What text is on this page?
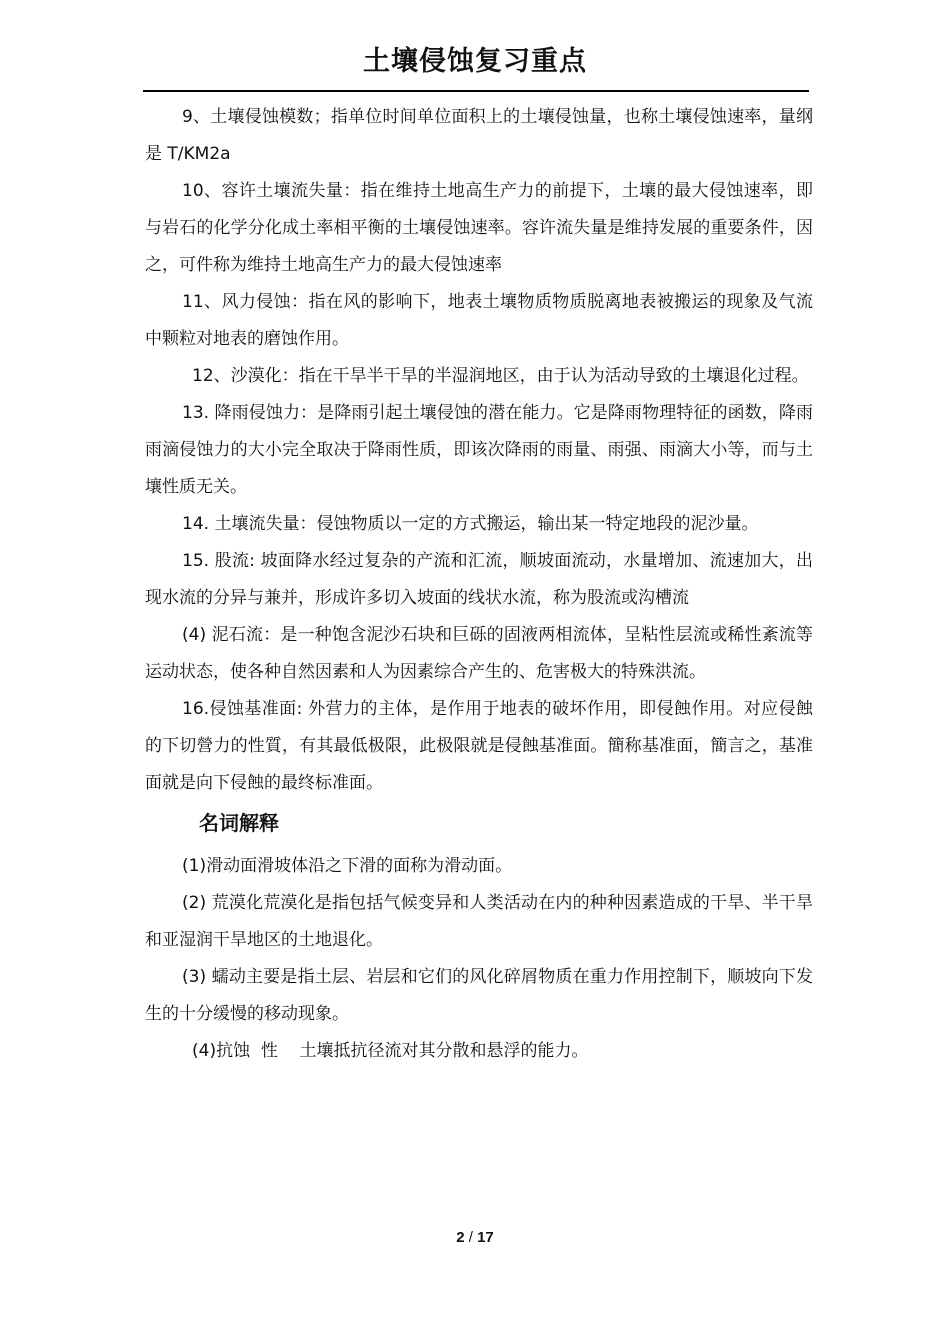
土壤侵蚀复习重点

9、土壤侵蚀模数；指单位时间单位面积上的土壤侵蚀量，也称土壤侵蚀速率，量纲是 T/KM2a

10、容许土壤流失量：指在维持土地高生产力的前提下，土壤的最大侵蚀速率，即与岩石的化学分化成土率相平衡的土壤侵蚀速率。容许流失量是维持发展的重要条件，因之，可件称为维持土地高生产力的最大侵蚀速率

11、风力侵蚀：指在风的影响下，地表土壤物质物质脱离地表被搬运的现象及气流中颗粒对地表的磨蚀作用。

12、沙漠化：指在干旱半干旱的半湿润地区，由于认为活动导致的土壤退化过程。

13. 降雨侵蚀力：是降雨引起土壤侵蚀的潜在能力。它是降雨物理特征的函数，降雨雨滴侵蚀力的大小完全取决于降雨性质，即该次降雨的雨量、雨强、雨滴大小等，而与土壤性质无关。

14. 土壤流失量：侵蚀物质以一定的方式搬运，输出某一特定地段的泥沙量。

15. 股流: 坡面降水经过复杂的产流和汇流，顺坡面流动，水量增加、流速加大，出现水流的分异与兼并，形成许多切入坡面的线状水流，称为股流或沟槽流

(4) 泥石流：是一种饱含泥沙石块和巨砾的固液两相流体，呈粘性层流或稀性紊流等运动状态，使各种自然因素和人为因素综合产生的、危害极大的特殊洪流。

16.侵蚀基准面: 外营力的主体，是作用于地表的破坏作用，即侵蝕作用。对应侵蝕的下切營力的性質，有其最低极限，此极限就是侵蝕基准面。簡称基准面，簡言之，基准面就是向下侵蝕的最终标准面。

名词解释

(1)滑动面滑坡体沿之下滑的面称为滑动面。

(2) 荒漠化荒漠化是指包括气候变异和人类活动在内的种种因素造成的干旱、半干旱和亚湿润干旱地区的土地退化。

(3) 蠕动主要是指土层、岩层和它们的风化碎屑物质在重力作用控制下，顺坡向下发生的十分缓慢的移动现象。

(4)抗蚀  性    土壤抵抗径流对其分散和悬浮的能力。

2 / 17
